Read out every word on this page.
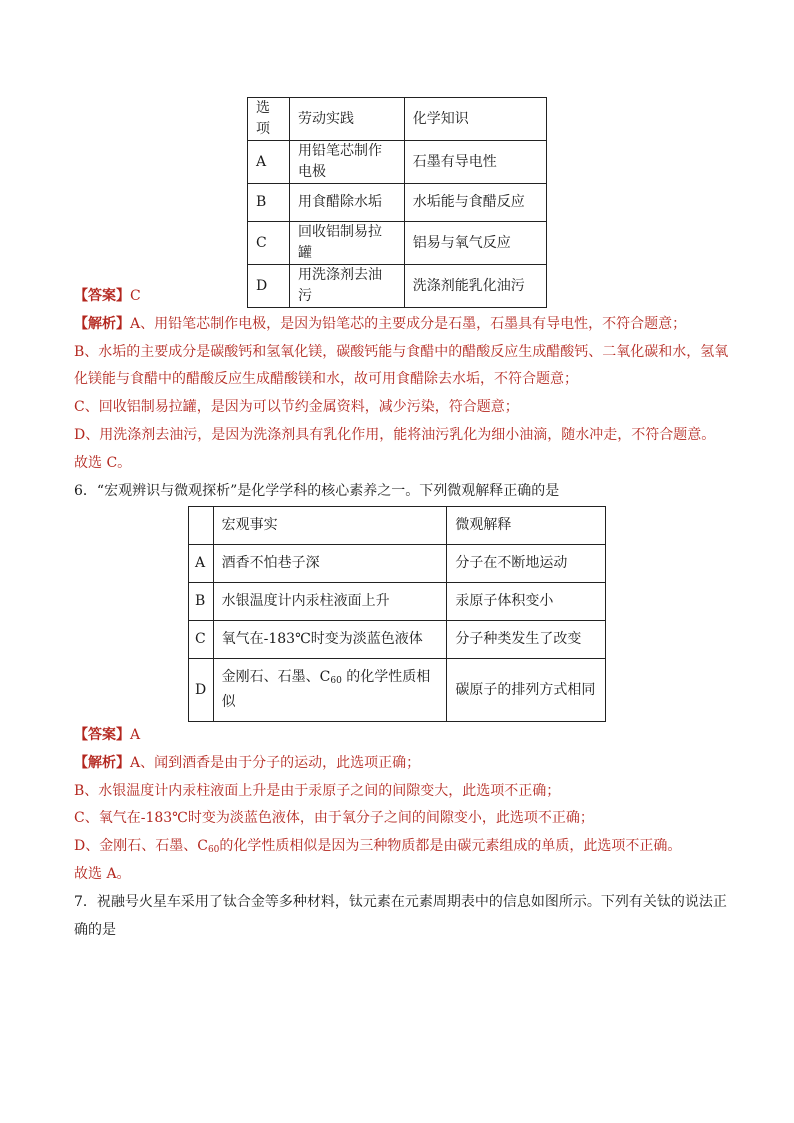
选项	劳动实践	化学知识
A	用铅笔芯制作电极	石墨有导电性
B	用食醋除水垢	水垢能与食醋反应
C	回收铝制易拉罐	铝易与氧气反应
D	用洗涤剂去油污	洗涤剂能乳化油污
【答案】C
【解析】A、用铅笔芯制作电极，是因为铅笔芯的主要成分是石墨，石墨具有导电性，不符合题意；
B、水垢的主要成分是碳酸钙和氢氧化镁，碳酸钙能与食醋中的醋酸反应生成醋酸钙、二氧化碳和水，氢氧
化镁能与食醋中的醋酸反应生成醋酸镁和水，故可用食醋除去水垢，不符合题意；
C、回收铝制易拉罐，是因为可以节约金属资料，减少污染，符合题意；
D、用洗涤剂去油污，是因为洗涤剂具有乳化作用，能将油污乳化为细小油滴，随水冲走，不符合题意。
故选 C。
6．“宏观辨识与微观探析”是化学学科的核心素养之一。下列微观解释正确的是
	宏观事实	微观解释
A	酒香不怕巷子深	分子在不断地运动
B	水银温度计内汞柱液面上升	汞原子体积变小
C	氧气在-183℃时变为淡蓝色液体	分子种类发生了改变
D	金刚石、石墨、$C_{60}$ 的化学性质相似	碳原子的排列方式相同
【答案】A
【解析】A、闻到酒香是由于分子的运动，此选项正确；
B、水银温度计内汞柱液面上升是由于汞原子之间的间隙变大，此选项不正确；
C、氧气在-183℃时变为淡蓝色液体，由于氧分子之间的间隙变小，此选项不正确；
D、金刚石、石墨、$C_{60}$的化学性质相似是因为三种物质都是由碳元素组成的单质，此选项不正确。
故选 A。
7．祝融号火星车采用了钛合金等多种材料，钛元素在元素周期表中的信息如图所示。下列有关钛的说法正
确的是
